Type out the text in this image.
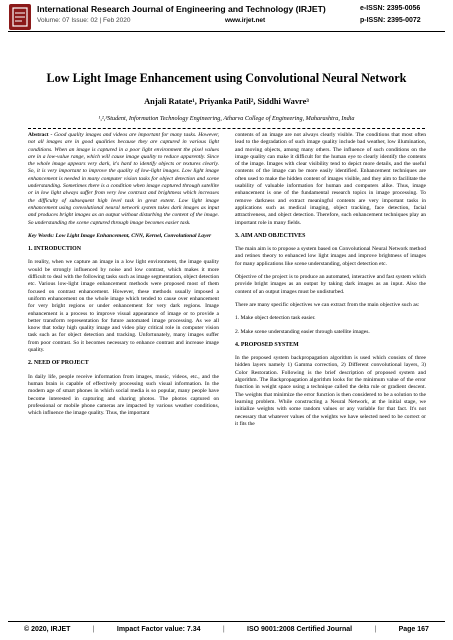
International Research Journal of Engineering and Technology (IRJET)
Volume: 07 Issue: 02 | Feb 2020	www.irjet.net
e-ISSN: 2395-0056
p-ISSN: 2395-0072
Low Light Image Enhancement using Convolutional Neural Network
Anjali Ratate¹, Priyanka Patil², Siddhi Wavre³
¹,²,³Student, Information Technology Engineering, Atharva College of Engineering, Maharashtra, India

Abstract - Good quality images and videos are important for many tasks. However, not all images are in good qualities because they are captured in various light conditions. When an image is captured in a poor light environment the pixel values are in a low-value range, which will cause image quality to reduce apparently. Since the whole image appears very dark, it's hard to identify objects or textures clearly. So, it is very important to improve the quality of low-light images. Low light image enhancement is needed in many computer vision tasks for object detection and scene understanding. Sometimes there is a condition when image captured through satellite or in low light always suffer from very low contrast and brightness which increases the difficulty of subsequent high level task in great extent. Low light image enhancement using convolutional neural network system takes dark images as input and produces bright images as an output without disturbing the content of the image. So understanding the scene captured through image becomes easier task.

Key Words: Low Light Image Enhancement, CNN, Kernel, Convolutional Layer

1. INTRODUCTION

In reality, when we capture an image in a low light environment, the image quality would be strongly influenced by noise and low contrast, which makes it more difficult to deal with the following tasks such as image segmentation, object detection etc. Various low-light image enhancement methods were proposed most of them focused on contrast enhancement. However, these methods usually imposed a uniform enhancement on the whole image which tended to cause over enhancement for very bright regions or under enhancement for very dark regions. Image enhancement is a process to improve visual appearance of image or to provide a better transform representation for future automated image processing. As we all know that today high quality image and video play critical role in computer vision task such as for object detection and tracking. Unfortunately, many images suffer from poor contrast. So it becomes necessary to enhance contrast and increase image quality.

2. NEED OF PROJECT

In daily life, people receive information from images, music, videos, etc., and the human brain is capable of effectively processing such visual information. In the modern age of smart phones in which social media is so popular, many people have become interested in capturing and sharing photos. The photos captured on professional or mobile phone cameras are impacted by various weather conditions, which influence the image quality. Thus, the important

contents of an image are not always clearly visible. The conditions that most often lead to the degradation of such image quality include bad weather, low illumination, and moving objects, among many others. The influence of such conditions on the image quality can make it difficult for the human eye to clearly identify the contents of the image. Images with clear visibility tend to depict more details, and the useful contents of the image can be more easily identified. Enhancement techniques are often used to make the hidden content of images visible, and they aim to facilitate the usability of valuable information for human and computers alike. Thus, image enhancement is one of the fundamental research topics in image processing. To remove darkness and extract meaningful contents are very important tasks in applications such as medical imaging, object tracking, face detection, facial attractiveness, and object detection. Therefore, such enhancement techniques play an important role in many fields.

3. AIM AND OBJECTIVES

The main aim is to propose a system based on Convolutional Neural Network method and retinex theory to enhanced low light images and improve brightness of images for many applications like scene understanding, object detection etc.

Objective of the project is to produce an automated, interactive and fast system which provide bright images as an output by taking dark images as an input. Also the content of an output images must be undisturbed.

There are many specific objectives we can extract from the main objective such as:

1. Make object detection task easier.

2. Make scene understanding easier through satellite images.

4. PROPOSED SYSTEM

In the proposed system backpropagation algorithm is used which consists of three hidden layers namely 1) Gamma correction, 2) Different convolutional layers, 3) Color Restoration. Following is the brief description of proposed system and algorithm. The Backpropagation algorithm looks for the minimum value of the error function in weight space using a technique called the delta rule or gradient descent. The weights that minimize the error function is then considered to be a solution to the learning problem. While constructing a Neural Network, at the initial stage, we initialize weights with some random values or any variable for that fact. It's not necessary that whatever values of the weights we have selected need to be correct or it fits the

© 2020, IRJET	|	Impact Factor value: 7.34	|	ISO 9001:2008 Certified Journal	|	Page 167
